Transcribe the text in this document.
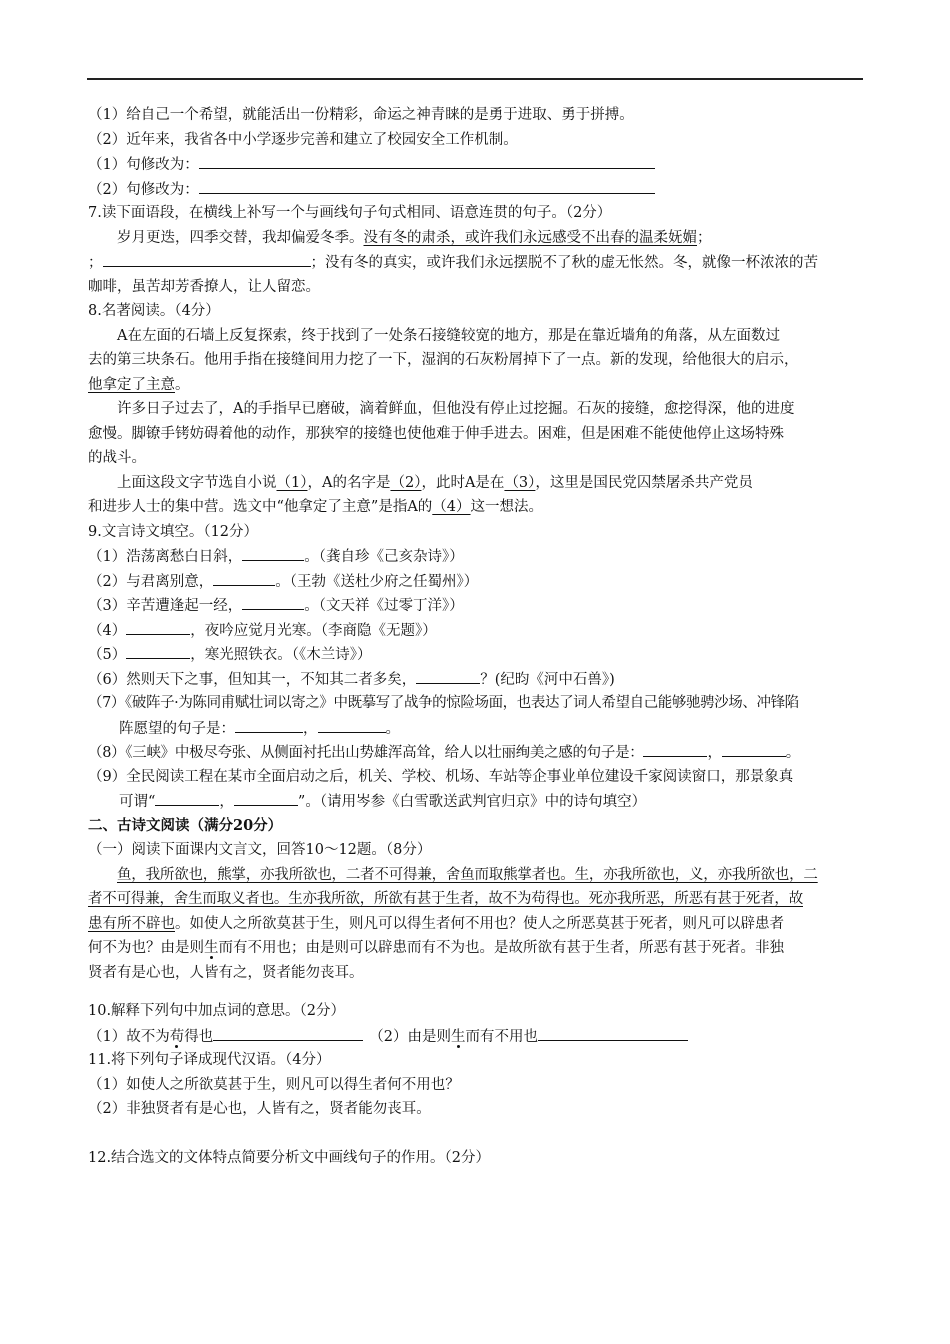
（1）给自己一个希望，就能活出一份精彩，命运之神青睐的是勇于进取、勇于拼搏。
（2）近年来，我省各中小学逐步完善和建立了校园安全工作机制。
（1）句修改为：
（2）句修改为：
7.读下面语段，在横线上补写一个与画线句子句式相同、语意连贯的句子。（2分）
岁月更迭，四季交替，我却偏爱冬季。没有冬的肃杀，或许我们永远感受不出春的温柔妩媚；
；	；没有冬的真实，或许我们永远摆脱不了秋的虚无怅然。冬，就像一杯浓浓的苦
咖啡，虽苦却芳香撩人，让人留恋。
8.名著阅读。（4分）
A在左面的石墙上反复探索，终于找到了一处条石接缝较宽的地方，那是在靠近墙角的角落，从左面数过
去的第三块条石。他用手指在接缝间用力挖了一下，湿润的石灰粉屑掉下了一点。新的发现，给他很大的启示，
他拿定了主意。
许多日子过去了，A的手指早已磨破，滴着鲜血，但他没有停止过挖掘。石灰的接缝，愈挖得深，他的进度
愈慢。脚镣手铐妨碍着他的动作，那狭窄的接缝也使他难于伸手进去。困难，但是困难不能使他停止这场特殊
的战斗。
上面这段文字节选自小说（1），A的名字是（2），此时A是在（3），这里是国民党囚禁屠杀共产党员
和进步人士的集中营。选文中“他拿定了主意”是指A的（4）这一想法。
9.文言诗文填空。（12分）
（1）浩荡离愁白日斜，	。（龚自珍《己亥杂诗》）
（2）与君离别意，	。（王勃《送杜少府之任蜀州》）
（3）辛苦遭逢起一经，	。（文天祥《过零丁洋》）
（4）	，夜吟应觉月光寒。（李商隐《无题》）
（5）	，寒光照铁衣。（《木兰诗》）
（6）然则天下之事，但知其一，不知其二者多矣，	？(纪昀《河中石兽》)
（7）《破阵子·为陈同甫赋壮词以寄之》中既摹写了战争的惊险场面，也表达了词人希望自己能够驰骋沙场、冲锋陷
阵愿望的句子是：	，	。
（8）《三峡》中极尽夸张、从侧面衬托出山势雄浑高耸，给人以壮丽绚美之感的句子是：	，	。
（9）全民阅读工程在某市全面启动之后，机关、学校、机场、车站等企事业单位建设千家阅读窗口，那景象真
可谓“	，	”。（请用岑参《白雪歌送武判官归京》中的诗句填空）
二、古诗文阅读（满分20分）
（一）阅读下面课内文言文，回答10～12题。（8分）
鱼，我所欲也，熊掌，亦我所欲也，二者不可得兼，舍鱼而取熊掌者也。生，亦我所欲也，义，亦我所欲也，二
者不可得兼，舍生而取义者也。生亦我所欲，所欲有甚于生者，故不为苟得也。死亦我所恶，所恶有甚于死者，故
患有所不辟也。如使人之所欲莫甚于生，则凡可以得生者何不用也？使人之所恶莫甚于死者，则凡可以辟患者
何不为也？由是则生而有不用也；由是则可以辟患而有不为也。是故所欲有甚于生者，所恶有甚于死者。非独
贤者有是心也，人皆有之，贤者能勿丧耳。
10.解释下列句中加点词的意思。（2分）
（1）故不为苟得也	（2）由是则生而有不用也
11.将下列句子译成现代汉语。（4分）
（1）如使人之所欲莫甚于生，则凡可以得生者何不用也？
（2）非独贤者有是心也，人皆有之，贤者能勿丧耳。
12.结合选文的文体特点简要分析文中画线句子的作用。（2分）
